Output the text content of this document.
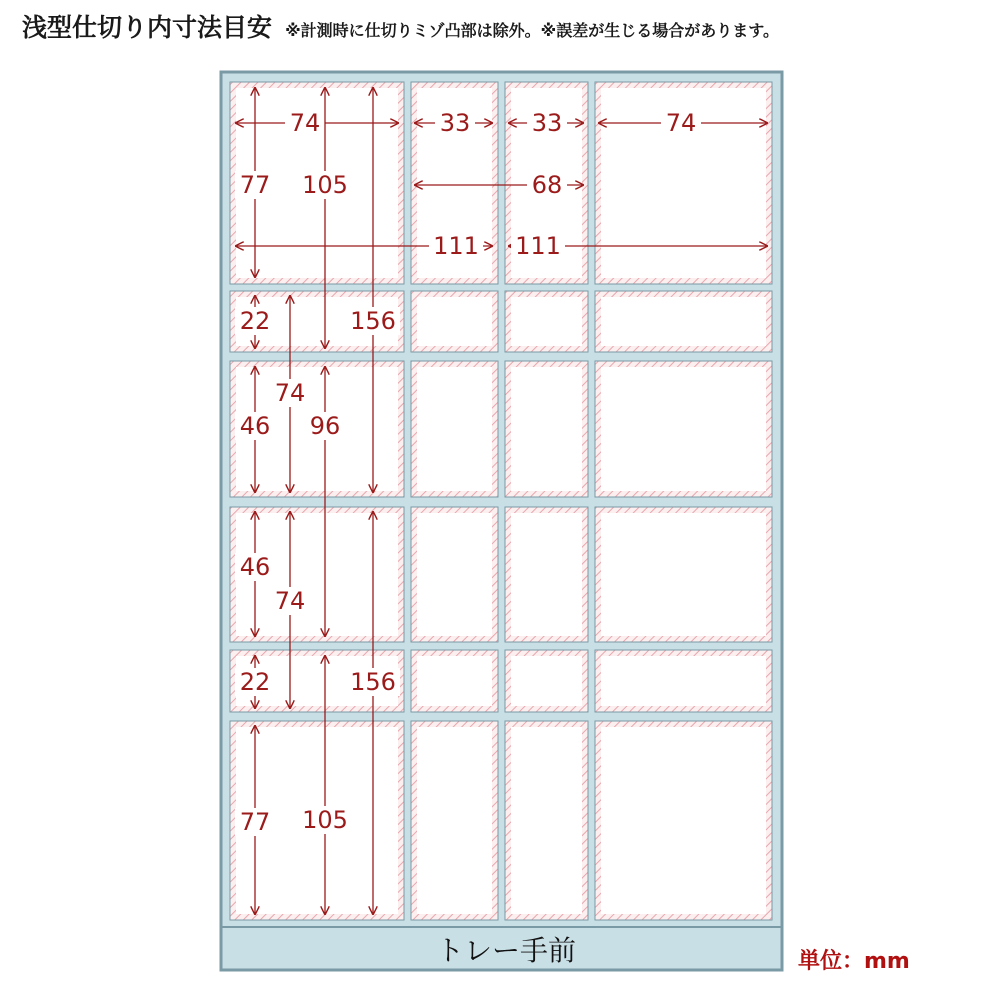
浅型仕切り内寸法目安 ※計測時に仕切りミゾ凸部は除外。※誤差が生じる場合があります。
トレー手前
74	33	33	74
68
111 111
77 105
22	156
74
46 96
46
74
22	156
77 105
単位：mm
